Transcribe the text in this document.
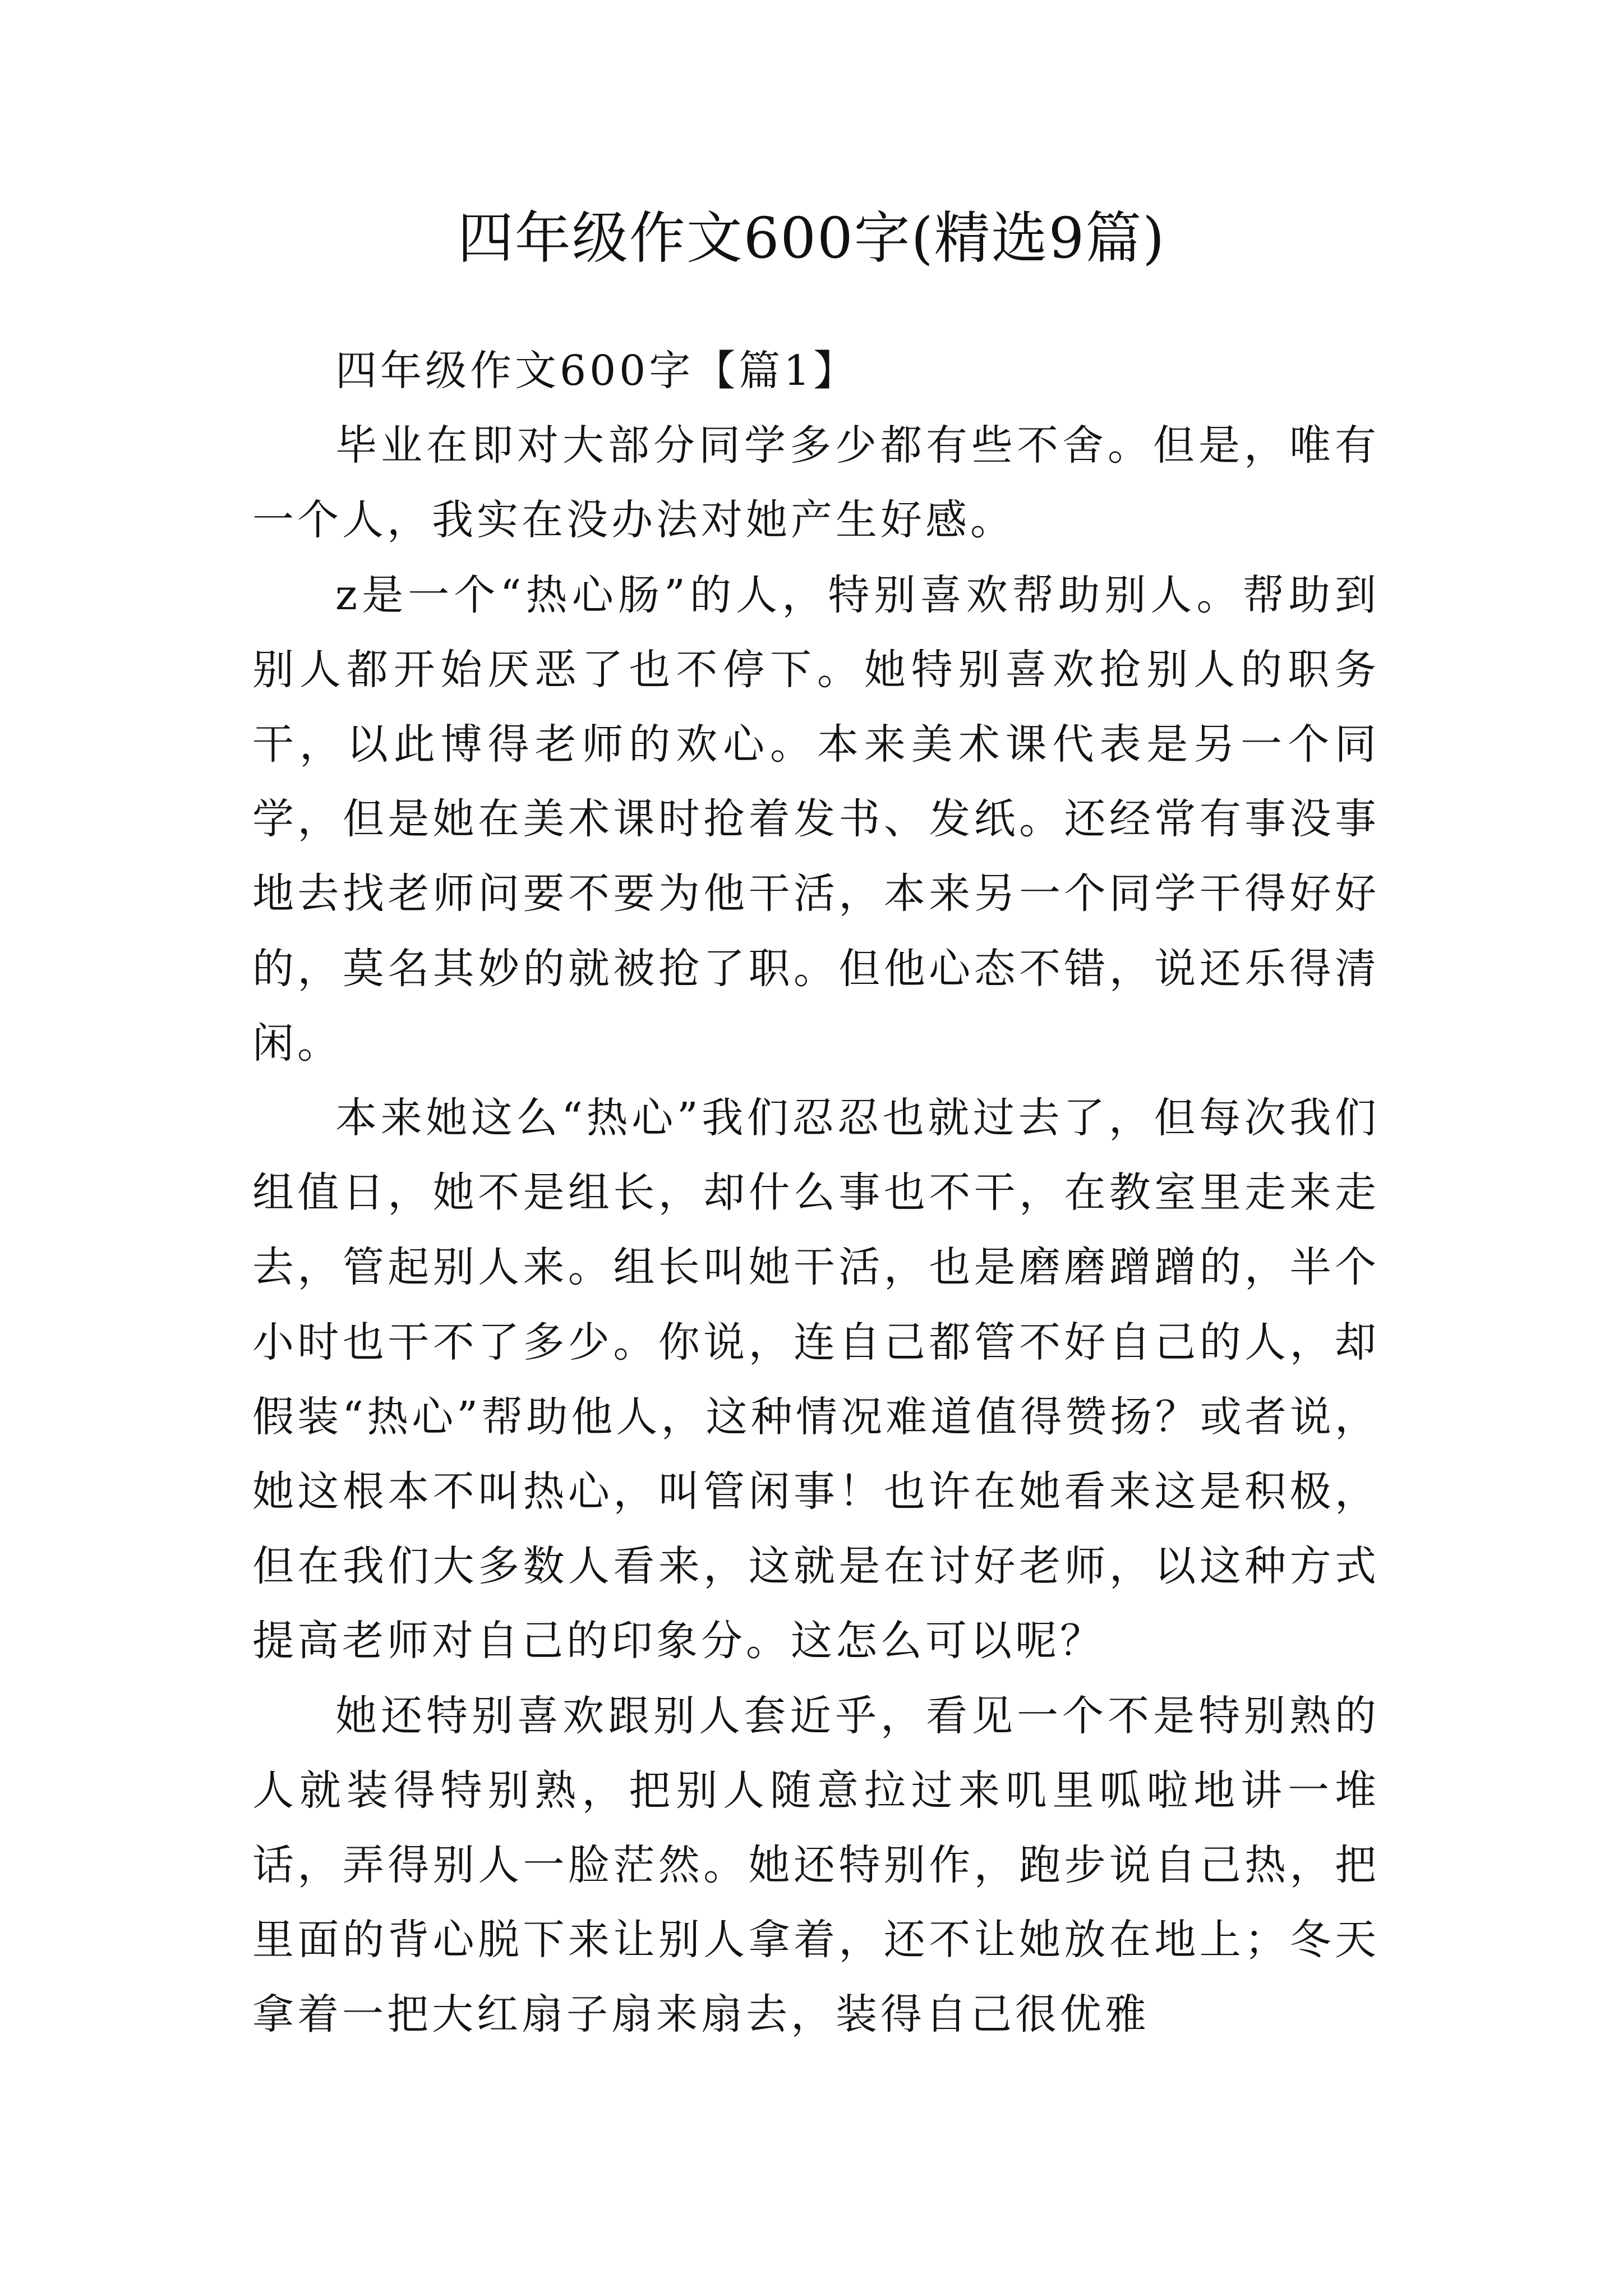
四年级作文600字(精选9篇)

四年级作文600字【篇1】

毕业在即对大部分同学多少都有些不舍。但是，唯有一个人，我实在没办法对她产生好感。

z是一个“热心肠”的人，特别喜欢帮助别人。帮助到别人都开始厌恶了也不停下。她特别喜欢抢别人的职务干，以此博得老师的欢心。本来美术课代表是另一个同学，但是她在美术课时抢着发书、发纸。还经常有事没事地去找老师问要不要为他干活，本来另一个同学干得好好的，莫名其妙的就被抢了职。但他心态不错，说还乐得清闲。

本来她这么“热心”我们忍忍也就过去了，但每次我们组值日，她不是组长，却什么事也不干，在教室里走来走去，管起别人来。组长叫她干活，也是磨磨蹭蹭的，半个小时也干不了多少。你说，连自己都管不好自己的人，却假装“热心”帮助他人，这种情况难道值得赞扬？或者说，她这根本不叫热心，叫管闲事！也许在她看来这是积极，但在我们大多数人看来，这就是在讨好老师，以这种方式提高老师对自己的印象分。这怎么可以呢？

她还特别喜欢跟别人套近乎，看见一个不是特别熟的人就装得特别熟，把别人随意拉过来叽里呱啦地讲一堆话，弄得别人一脸茫然。她还特别作，跑步说自己热，把里面的背心脱下来让别人拿着，还不让她放在地上；冬天拿着一把大红扇子扇来扇去，装得自己很优雅
